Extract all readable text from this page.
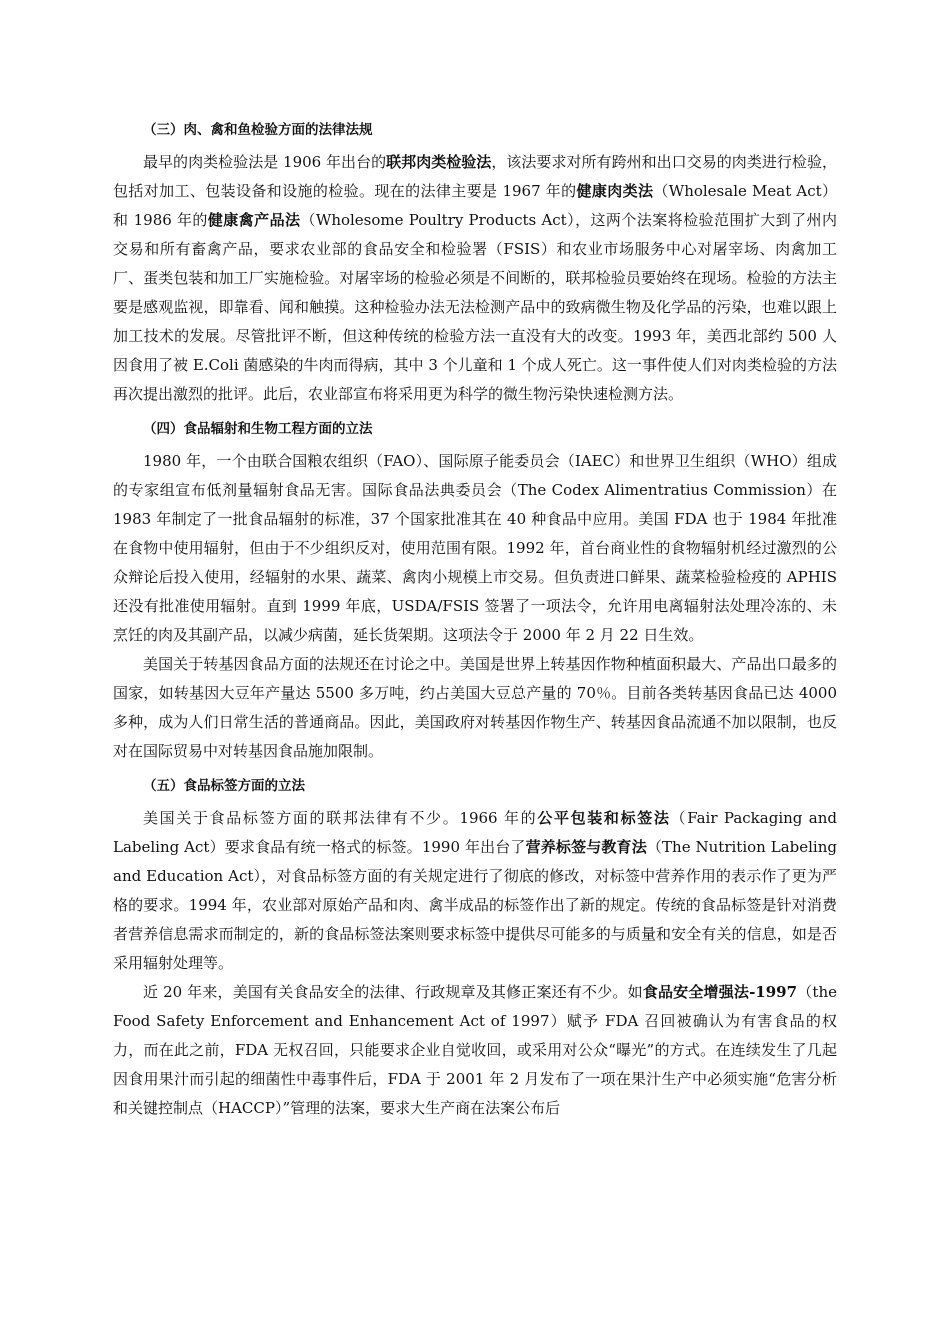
（三）肉、禽和鱼检验方面的法律法规

最早的肉类检验法是 1906 年出台的联邦肉类检验法，该法要求对所有跨州和出口交易的肉类进行检验，包括对加工、包装设备和设施的检验。现在的法律主要是 1967 年的健康肉类法（Wholesale Meat Act）和 1986 年的健康禽产品法（Wholesome Poultry Products Act），这两个法案将检验范围扩大到了州内交易和所有畜禽产品，要求农业部的食品安全和检验署（FSIS）和农业市场服务中心对屠宰场、肉禽加工厂、蛋类包装和加工厂实施检验。对屠宰场的检验必须是不间断的，联邦检验员要始终在现场。检验的方法主要是感观监视，即靠看、闻和触摸。这种检验办法无法检测产品中的致病微生物及化学品的污染，也难以跟上加工技术的发展。尽管批评不断，但这种传统的检验方法一直没有大的改变。1993 年，美西北部约 500 人因食用了被 E.Coli 菌感染的牛肉而得病，其中 3 个儿童和 1 个成人死亡。这一事件使人们对肉类检验的方法再次提出激烈的批评。此后，农业部宣布将采用更为科学的微生物污染快速检测方法。

（四）食品辐射和生物工程方面的立法

1980 年，一个由联合国粮农组织（FAO）、国际原子能委员会（IAEC）和世界卫生组织（WHO）组成的专家组宣布低剂量辐射食品无害。国际食品法典委员会（The Codex Alimentratius Commission）在 1983 年制定了一批食品辐射的标准，37 个国家批准其在 40 种食品中应用。美国 FDA 也于 1984 年批准在食物中使用辐射，但由于不少组织反对，使用范围有限。1992 年，首台商业性的食物辐射机经过激烈的公众辩论后投入使用，经辐射的水果、蔬菜、禽肉小规模上市交易。但负责进口鲜果、蔬菜检验检疫的 APHIS 还没有批准使用辐射。直到 1999 年底，USDA/FSIS 签署了一项法令，允许用电离辐射法处理冷冻的、未烹饪的肉及其副产品，以减少病菌，延长货架期。这项法令于 2000 年 2 月 22 日生效。

美国关于转基因食品方面的法规还在讨论之中。美国是世界上转基因作物种植面积最大、产品出口最多的国家，如转基因大豆年产量达 5500 多万吨，约占美国大豆总产量的 70％。目前各类转基因食品已达 4000 多种，成为人们日常生活的普通商品。因此，美国政府对转基因作物生产、转基因食品流通不加以限制，也反对在国际贸易中对转基因食品施加限制。

（五）食品标签方面的立法

美国关于食品标签方面的联邦法律有不少。1966 年的公平包装和标签法（Fair Packaging and Labeling Act）要求食品有统一格式的标签。1990 年出台了营养标签与教育法（The Nutrition Labeling and Education Act），对食品标签方面的有关规定进行了彻底的修改，对标签中营养作用的表示作了更为严格的要求。1994 年，农业部对原始产品和肉、禽半成品的标签作出了新的规定。传统的食品标签是针对消费者营养信息需求而制定的，新的食品标签法案则要求标签中提供尽可能多的与质量和安全有关的信息，如是否采用辐射处理等。

近 20 年来，美国有关食品安全的法律、行政规章及其修正案还有不少。如食品安全增强法-1997（the Food Safety Enforcement and Enhancement Act of 1997）赋予 FDA 召回被确认为有害食品的权力，而在此之前，FDA 无权召回，只能要求企业自觉收回，或采用对公众“曝光”的方式。在连续发生了几起因食用果汁而引起的细菌性中毒事件后，FDA 于 2001 年 2 月发布了一项在果汁生产中必须实施“危害分析和关键控制点（HACCP）”管理的法案，要求大生产商在法案公布后
